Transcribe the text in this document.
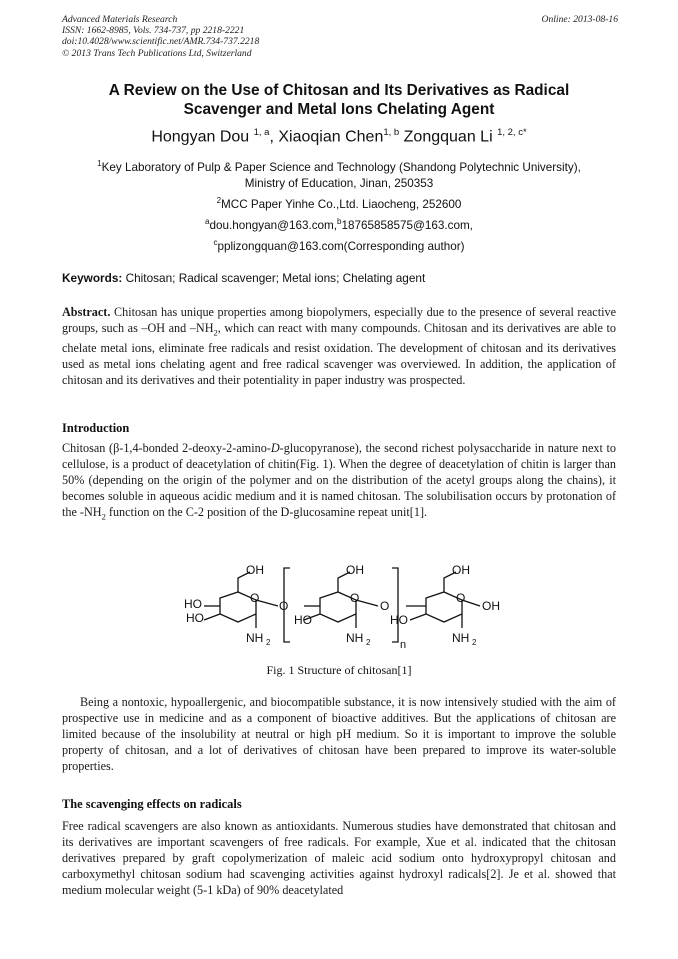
Advanced Materials Research
ISSN: 1662-8985, Vols. 734-737, pp 2218-2221
doi:10.4028/www.scientific.net/AMR.734-737.2218
© 2013 Trans Tech Publications Ltd, Switzerland
Online: 2013-08-16
A Review on the Use of Chitosan and Its Derivatives as Radical
Scavenger and Metal Ions Chelating Agent
Hongyan Dou $^{1, a}$, Xiaoqian Chen$^{1, b}$ Zongquan Li $^{1, 2, c*}$
$^1$Key Laboratory of Pulp & Paper Science and Technology (Shandong Polytechnic University),
Ministry of Education, Jinan, 250353
$^2$MCC Paper Yinhe Co.,Ltd. Liaocheng, 252600
$^a$dou.hongyan@163.com,$^b$18765858575@163.com,
$^c$pplizongquan@163.com(Corresponding author)
Keywords: Chitosan; Radical scavenger; Metal ions; Chelating agent
Abstract. Chitosan has unique properties among biopolymers, especially due to the presence of several reactive groups, such as –OH and $-NH_2$, which can react with many compounds. Chitosan and its derivatives are able to chelate metal ions, eliminate free radicals and resist oxidation. The development of chitosan and its derivatives used as metal ions chelating agent and free radical scavenger was overviewed. In addition, the application of chitosan and its derivatives and their potentiality in paper industry was prospected.
Introduction
Chitosan (β-1,4-bonded 2-deoxy-2-amino-D-glucopyranose), the second richest polysaccharide in nature next to cellulose, is a product of deacetylation of chitin(Fig. 1). When the degree of deacetylation of chitin is larger than 50% (depending on the origin of the polymer and on the distribution of the acetyl groups along the chains), it becomes soluble in aqueous acidic medium and it is named chitosan. The solubilisation occurs by protonation of the $-NH_2$ function on the C-2 position of the D-glucosamine repeat unit[1].
OH
HO
HO
O
NH 2
O
OH
HO
O
NH 2	n
O
OH
HO
O
NH 2
OH
Fig. 1 Structure of chitosan[1]
Being a nontoxic, hypoallergenic, and biocompatible substance, it is now intensively studied with the aim of prospective use in medicine and as a component of bioactive additives. But the applications of chitosan are limited because of the insolubility at neutral or high pH medium. So it is important to improve the soluble property of chitosan, and a lot of derivatives of chitosan have been prepared to improve its water-soluble properties.
The scavenging effects on radicals
Free radical scavengers are also known as antioxidants. Numerous studies have demonstrated that chitosan and its derivatives are important scavengers of free radicals. For example, Xue et al. indicated that the chitosan derivatives prepared by graft copolymerization of maleic acid sodium onto hydroxypropyl chitosan and carboxymethyl chitosan sodium had scavenging activities against hydroxyl radicals[2]. Je et al. showed that medium molecular weight (5-1 kDa) of 90% deacetylated
